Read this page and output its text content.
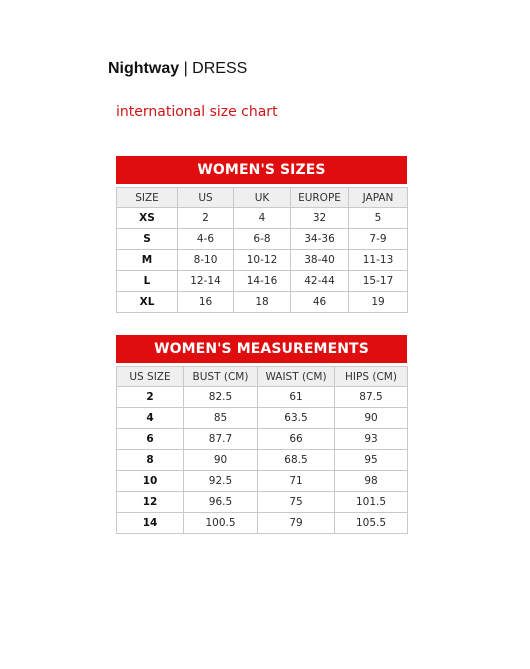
Nightway | DRESS
international size chart
WOMEN'S SIZES
SIZE	US	UK	EUROPE	JAPAN
XS	2	4	32	5
S	4-6	6-8	34-36	7-9
M	8-10	10-12	38-40	11-13
L	12-14	14-16	42-44	15-17
XL	16	18	46	19
WOMEN'S MEASUREMENTS
US SIZE	BUST (CM)	WAIST (CM)	HIPS (CM)
2	82.5	61	87.5
4	85	63.5	90
6	87.7	66	93
8	90	68.5	95
10	92.5	71	98
12	96.5	75	101.5
14	100.5	79	105.5
